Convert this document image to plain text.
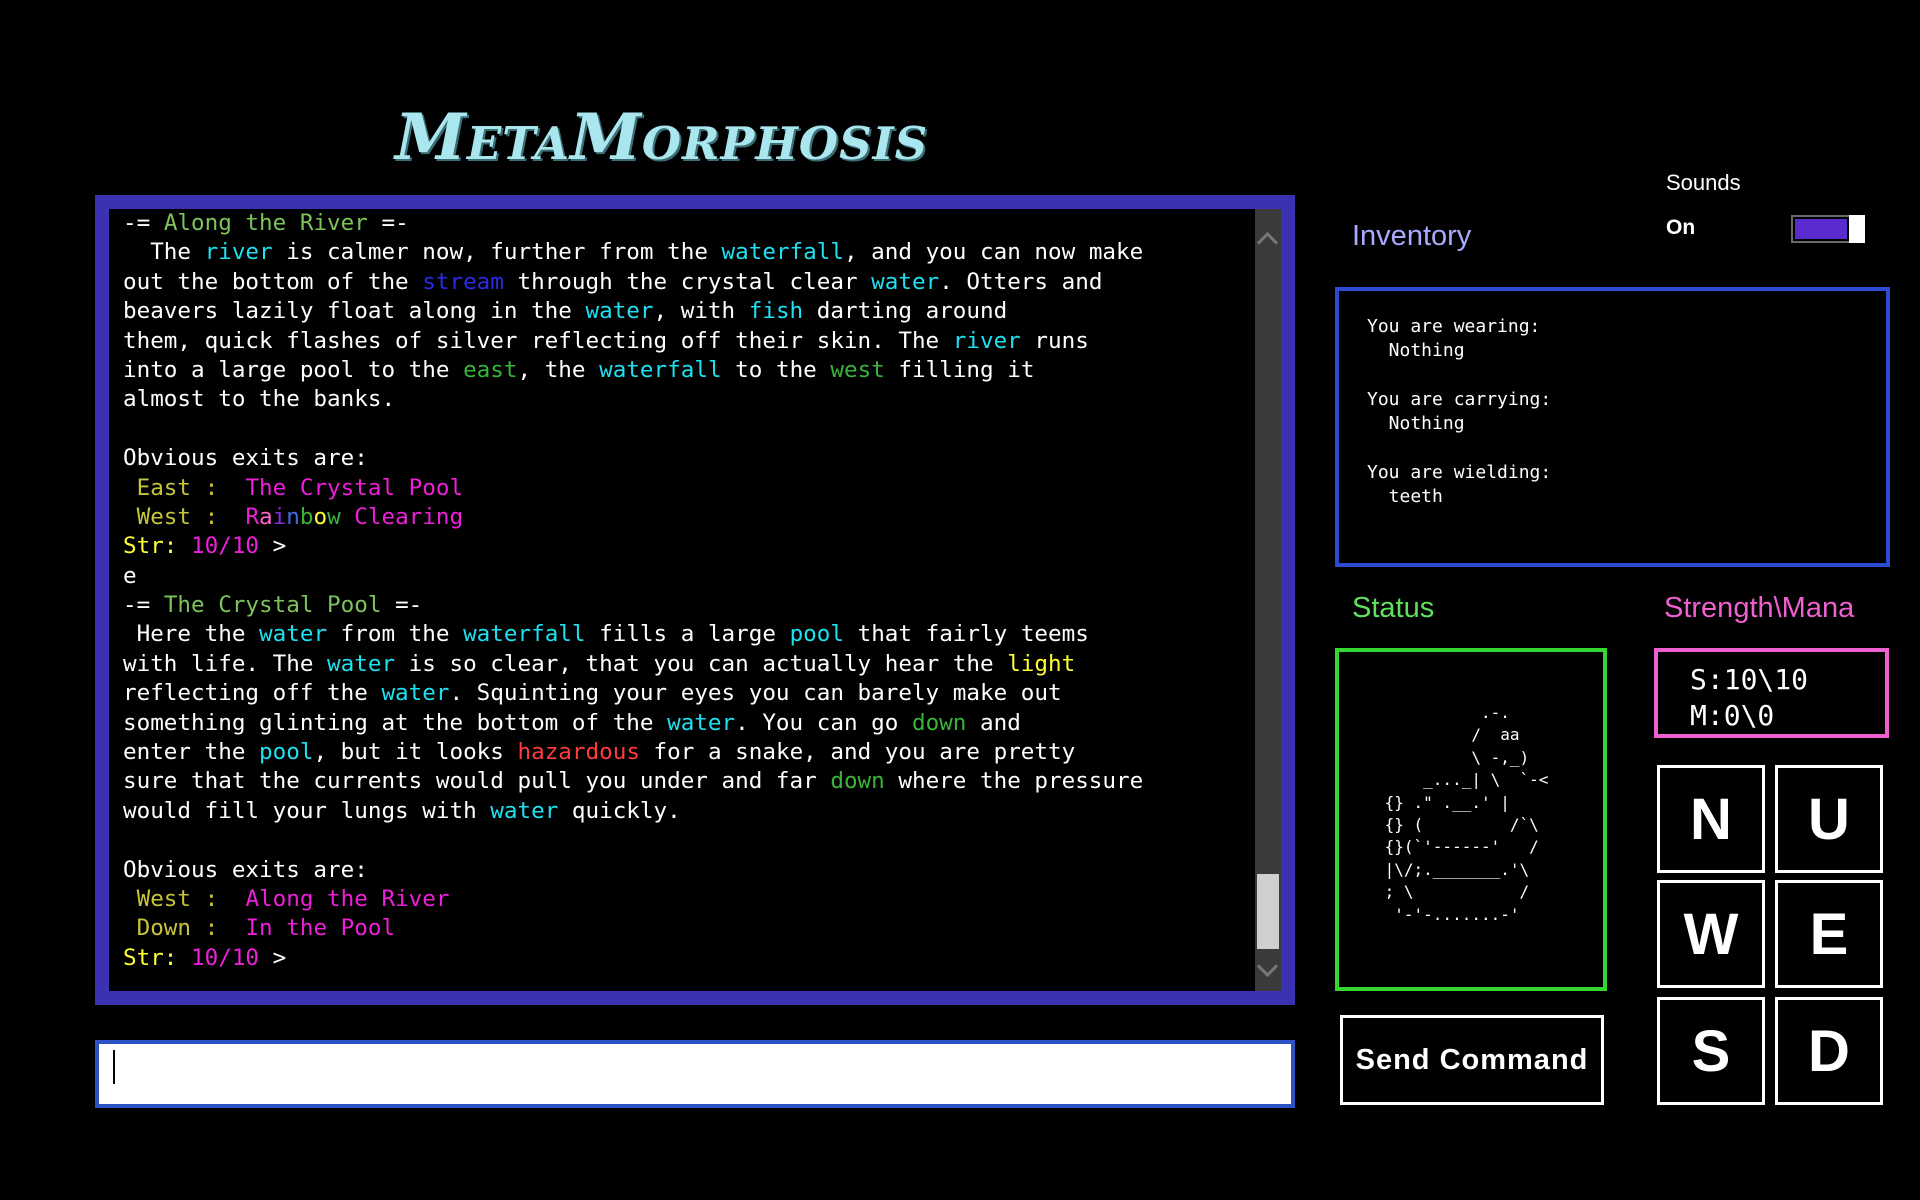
MetaMorphosis
-= Along the River =-
The river is calmer now, further from the waterfall, and you can now make
out the bottom of the stream through the crystal clear water. Otters and
beavers lazily float along in the water, with fish darting around
them, quick flashes of silver reflecting off their skin. The river runs
into a large pool to the east, the waterfall to the west filling it
almost to the banks.

Obvious exits are:
East :  The Crystal Pool
West :  Rainbow Clearing
Str: 10/10 >
e
-= The Crystal Pool =-
Here the water from the waterfall fills a large pool that fairly teems
with life. The water is so clear, that you can actually hear the light
reflecting off the water. Squinting your eyes you can barely make out
something glinting at the bottom of the water. You can go down and
enter the pool, but it looks hazardous for a snake, and you are pretty
sure that the currents would pull you under and far down where the pressure
would fill your lungs with water quickly.

Obvious exits are:
West :  Along the River
Down :  In the Pool
Str: 10/10 >
Inventory
Sounds
On
You are wearing:
Nothing

You are carrying:
Nothing

You are wielding:
teeth
Status	Strength\Mana
.-.
/  aa
\ -,_)
_..._| \  `-<
{} ." .__.' |
{} (         /`\
{}(`'------'   /
|\/;._______.'\
; \           /
'-'-.......-'
S:10\10
M:0\0
Send Command
N	U
W	E
S	D
